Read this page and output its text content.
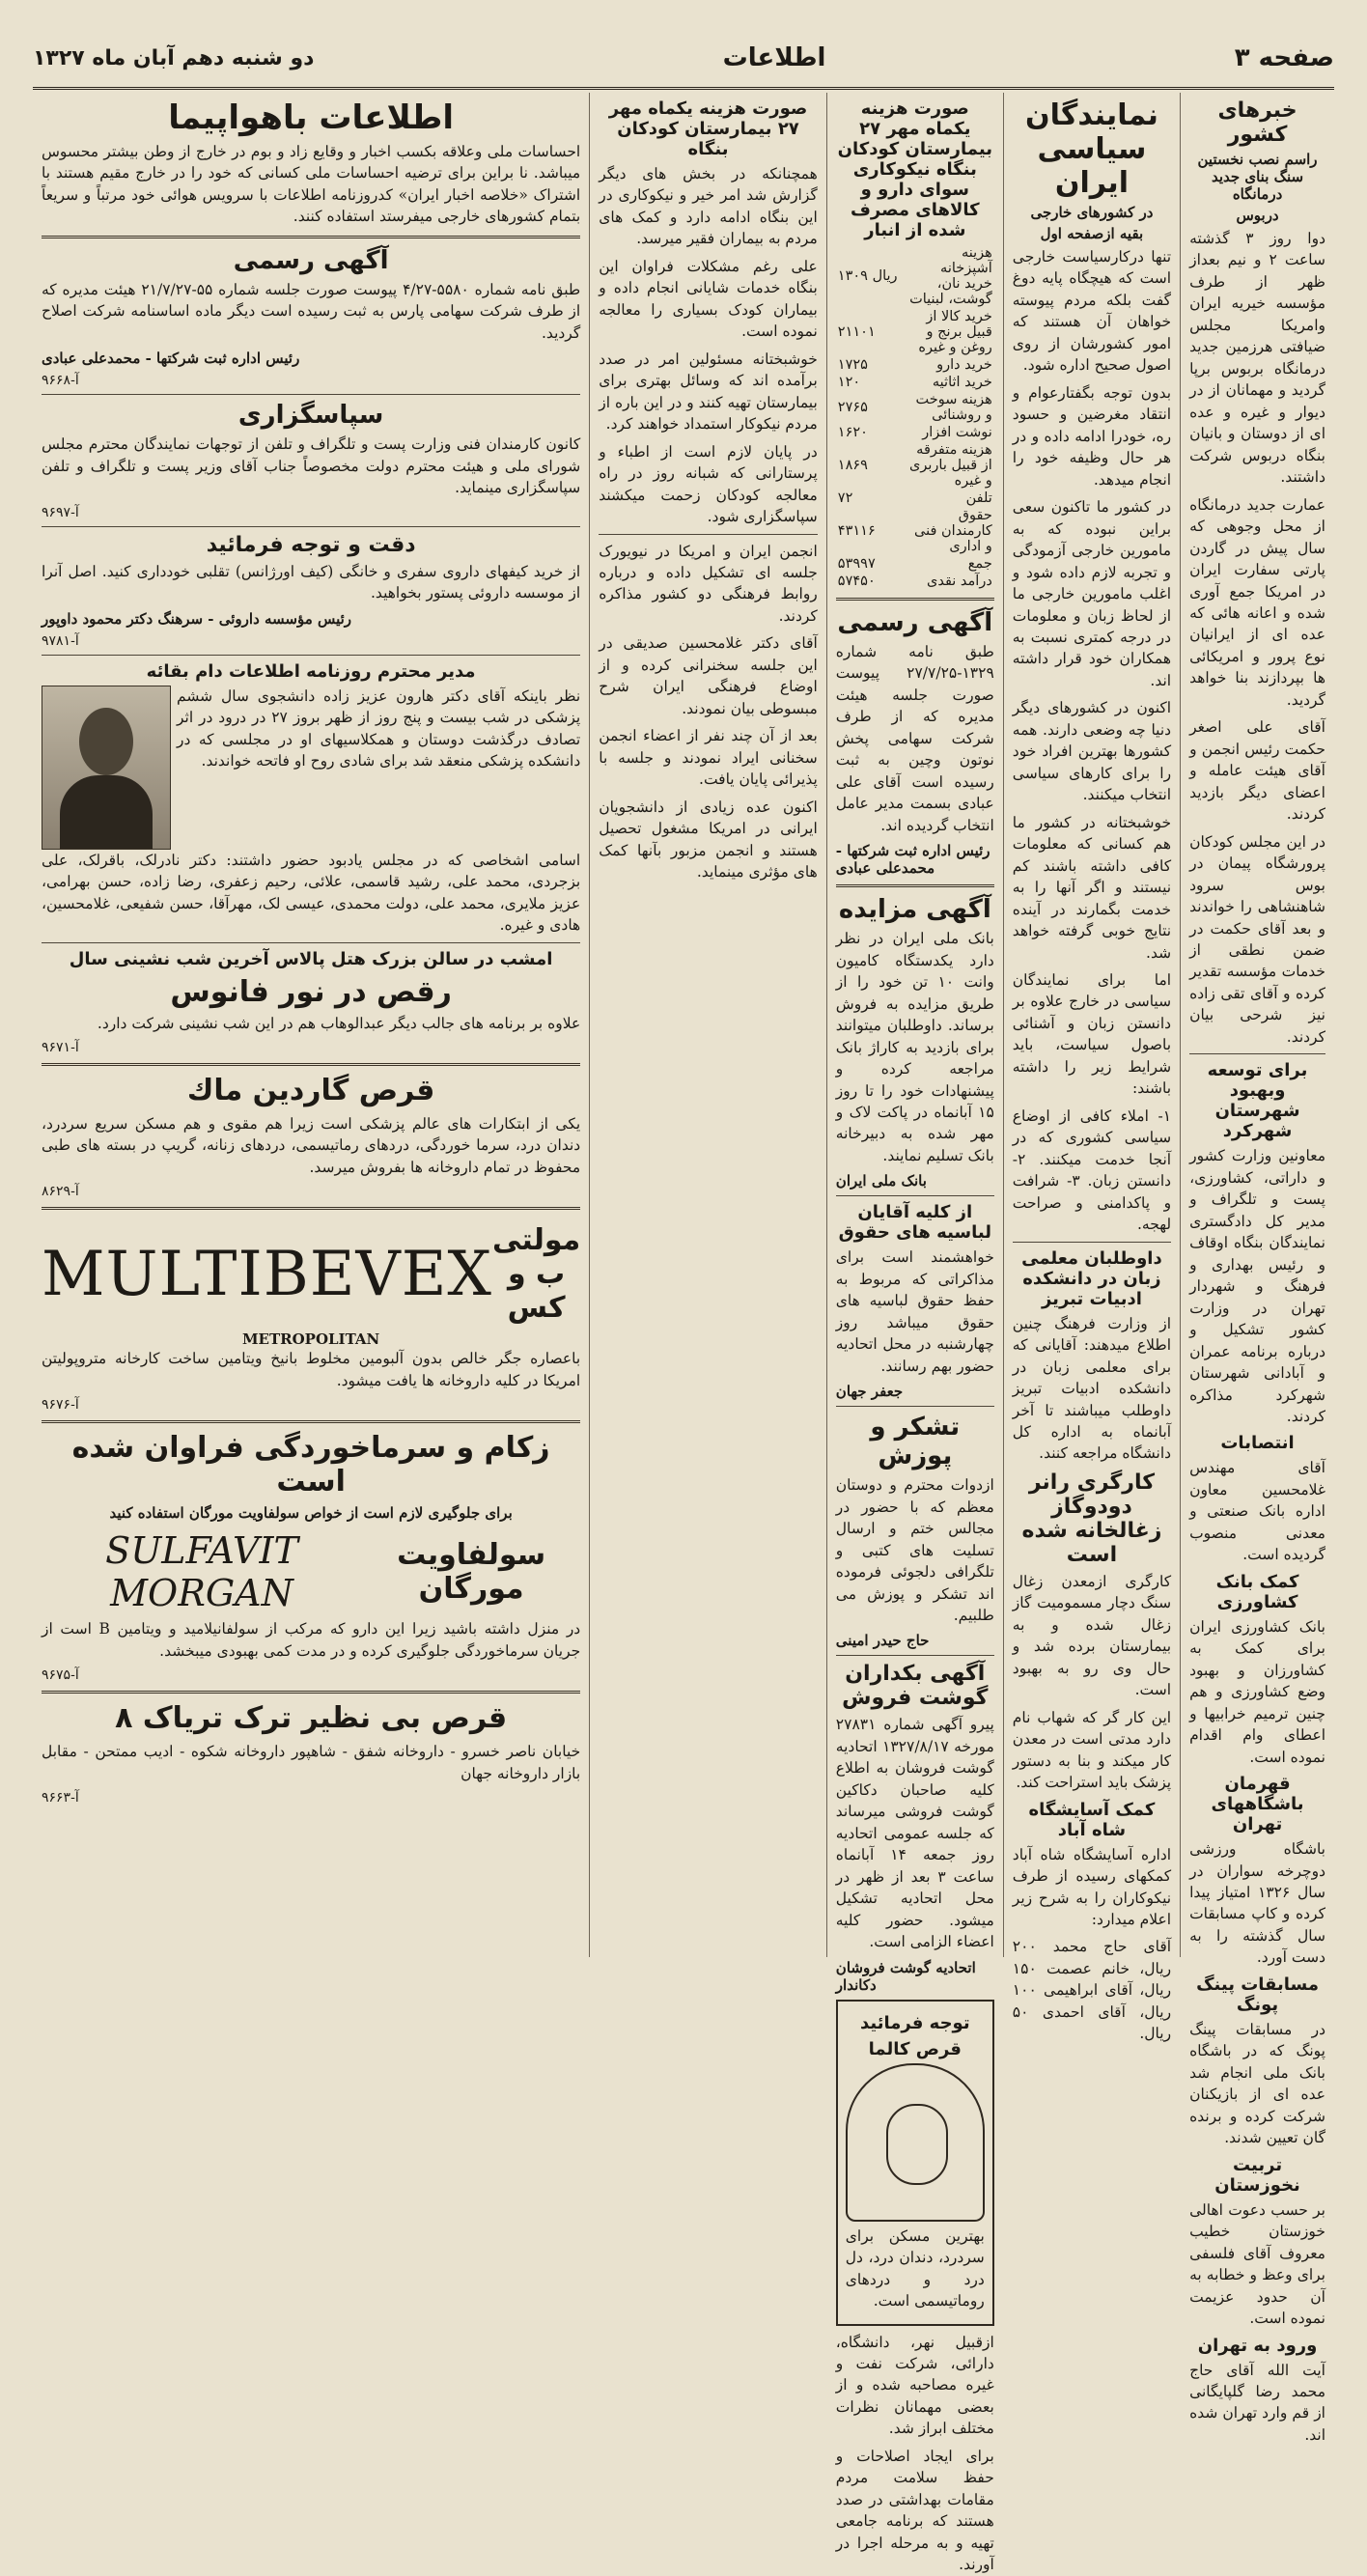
صفحه ۳
اطلاعات
دو شنبه دهم آبان ماه ۱۳۲۷
خبرهای کشور
راسم نصب نخستین سنگ بنای جدید درمانگاه
دربوس

دوا روز ۳ گذشته ساعت ۲ و نیم بعداز ظهر از طرف مؤسسه خیریه ایران وامریکا مجلس ضیافتی هرزمین جدید درمانگاه بربوس برپا گردید و مهمانان از در دیوار و غیره و عده ای از دوستان و بانیان بنگاه دربوس شرکت داشتند.

عمارت جدید درمانگاه از محل وجوهی که سال پیش در گاردن پارتی سفارت ایران در امریکا جمع آوری شده و اعانه هائی که عده ای از ایرانیان نوع پرور و امریکائی ها بپردازند بنا خواهد گردید.

آقای علی اصغر حکمت رئیس انجمن و آقای هیئت عامله و اعضای دیگر بازدید کردند.

در این مجلس کودکان پرورشگاه پیمان در بوس سرود شاهنشاهی را خواندند و بعد آقای حکمت در ضمن نطقی از خدمات مؤسسه تقدیر کرده و آقای تقی زاده نیز شرحی بیان کردند.

برای توسعه وبهبود شهرستان شهرکرد

معاونین وزارت کشور و داراتی، کشاورزی، پست و تلگراف و مدیر کل دادگستری نمایندگان بنگاه اوقاف و رئیس بهداری و فرهنگ و شهردار تهران در وزارت کشور تشکیل و درباره برنامه عمران و آبادانی شهرستان شهرکرد مذاکره کردند.

انتصابات

آقای مهندس غلامحسین معاون اداره بانک صنعتی و معدنی منصوب گردیده است.

کمک بانک کشاورزی

بانک کشاورزی ایران برای کمک به کشاورزان و بهبود وضع کشاورزی و هم چنین ترمیم خرابیها و اعطای وام اقدام نموده است.

قهرمان باشگاههای تهران

باشگاه ورزشی دوچرخه سواران در سال ۱۳۲۶ امتیاز پیدا کرده و کاپ مسابقات سال گذشته را به دست آورد.

مسابقات پینگ پونگ

در مسابقات پینگ پونگ که در باشگاه بانک ملی انجام شد عده ای از بازیکنان شرکت کرده و برنده گان تعیین شدند.

تربیت نخوزستان

بر حسب دعوت اهالی خوزستان خطیب معروف آقای فلسفی برای وعظ و خطابه به آن حدود عزیمت نموده است.

ورود به تهران

آیت الله آقای حاج محمد رضا گلپایگانی از قم وارد تهران شده اند.

نمایندگان سیاسی ایران
در کشورهای خارجی
بقیه ازصفحه اول

تنها درکارسیاست خارجی است که هیچگاه پایه دوغ گفت بلکه مردم پیوسته خواهان آن هستند که امور کشورشان از روی اصول صحیح اداره شود.

بدون توجه بگفتارعوام و انتقاد مغرضین و حسود ره، خودرا ادامه داده و در هر حال وظیفه خود را انجام میدهد.

در کشور ما تاکنون سعی براین نبوده که به مامورین خارجی آزمودگی و تجربه لازم داده شود و اغلب مامورین خارجی ما از لحاظ زبان و معلومات در درجه کمتری نسبت به همکاران خود قرار داشته اند.

اکنون در کشورهای دیگر دنیا چه وضعی دارند. همه کشورها بهترین افراد خود را برای کارهای سیاسی انتخاب میکنند.

خوشبختانه در کشور ما هم کسانی که معلومات کافی داشته باشند کم نیستند و اگر آنها را به خدمت بگمارند در آینده نتایج خوبی گرفته خواهد شد.

اما برای نمایندگان سیاسی در خارج علاوه بر دانستن زبان و آشنائی باصول سیاست، باید شرایط زیر را داشته باشند:

۱- املاء کافی از اوضاع سیاسی کشوری که در آنجا خدمت میکنند. ۲- دانستن زبان. ۳- شرافت و پاکدامنی و صراحت لهجه.

داوطلبان معلمی زبان در دانشکده ادبیات تبریز

از وزارت فرهنگ چنین اطلاع میدهند: آقایانی که برای معلمی زبان در دانشکده ادبیات تبریز داوطلب میباشند تا آخر آبانماه به اداره کل دانشگاه مراجعه کنند.

کارگری رانر دودوگاز زغالخانه شده است

کارگری ازمعدن زغال سنگ دچار مسمومیت گاز زغال شده و به بیمارستان برده شد و حال وی رو به بهبود است.

این کار گر که شهاب نام دارد مدتی است در معدن کار میکند و بنا به دستور پزشک باید استراحت کند.

کمک آسایشگاه شاه آباد

اداره آسایشگاه شاه آباد کمکهای رسیده از طرف نیکوکاران را به شرح زیر اعلام میدارد:

آقای حاج محمد ۲۰۰ ریال، خانم عصمت ۱۵۰ ریال، آقای ابراهیمی ۱۰۰ ریال، آقای احمدی ۵۰ ریال.

صورت هزینه یکماه مهر ۲۷ بیمارستان کودکان بنگاه نیکوکاری سوای دارو و کالاهای مصرف شده از انبار
هزینه آشپزخانه خرید نان، گوشت، لبنیات	۱۳۰۹ ریال
خرید کالا از قبیل برنج و روغن و غیره	۲۱۱۰۱
خرید دارو	۱۷۲۵
خرید اثاثیه	۱۲۰
هزینه سوخت و روشنائی	۲۷۶۵
نوشت افزار	۱۶۲۰
هزینه متفرقه از قبیل باربری و غیره	۱۸۶۹
تلفن	۷۲
حقوق کارمندان فنی و اداری	۴۳۱۱۶
جمع	۵۳۹۹۷
درآمد نقدی	۵۷۴۵۰
آگهی رسمی

طبق نامه شماره ۱۳۲۹-۲۷/۷/۲۵ پیوست صورت جلسه هیئت مدیره که از طرف شرکت سهامی پخش نوتون وچین به ثبت رسیده است آقای علی عبادی بسمت مدیر عامل انتخاب گردیده اند.

رئیس اداره ثبت شرکتها - محمدعلی عبادی
آگهی مزایده

بانک ملی ایران در نظر دارد یکدستگاه کامیون وانت ۱۰ تن خود را از طریق مزایده به فروش برساند. داوطلبان میتوانند برای بازدید به کاراژ بانک مراجعه کرده و پیشنهادات خود را تا روز ۱۵ آبانماه در پاکت لاک و مهر شده به دبیرخانه بانک تسلیم نمایند.

بانک ملی ایران
از کلیه آقایان لباسیه های حقوق

خواهشمند است برای مذاکراتی که مربوط به حفظ حقوق لباسیه های حقوق میباشد روز چهارشنبه در محل اتحادیه حضور بهم رسانند.

جعفر جهان
تشکر و پوزش

ازدوات محترم و دوستان معظم که با حضور در مجالس ختم و ارسال تسلیت های کتبی و تلگرافی دلجوئی فرموده اند تشکر و پوزش می طلبیم.

حاج حیدر امینی
آگهی بکداران گوشت فروش

پیرو آگهی شماره ۲۷۸۳۱ مورخه ۱۳۲۷/۸/۱۷ اتحادیه گوشت فروشان به اطلاع کلیه صاحبان دکاکین گوشت فروشی میرساند که جلسه عمومی اتحادیه روز جمعه ۱۴ آبانماه ساعت ۳ بعد از ظهر در محل اتحادیه تشکیل میشود. حضور کلیه اعضاء الزامی است.

اتحادیه گوشت فروشان دکاندار
توجه فرمائید
قرص کالما

بهترین مسکن برای سردرد، دندان درد، دل درد و دردهای روماتیسمی است.

ازقبیل نهر، دانشگاه، دارائی، شرکت نفت و غیره مصاحبه شده و از بعضی مهمانان نظرات مختلف ابراز شد.

برای ایجاد اصلاحات و حفظ سلامت مردم مقامات بهداشتی در صدد هستند که برنامه جامعی تهیه و به مرحله اجرا در آورند.

صورت هزینه یکماه مهر ۲۷ بیمارستان کودکان بنگاه

همچنانکه در بخش های دیگر گزارش شد امر خیر و نیکوکاری در این بنگاه ادامه دارد و کمک های مردم به بیماران فقیر میرسد.

علی رغم مشکلات فراوان این بنگاه خدمات شایانی انجام داده و بیماران کودک بسیاری را معالجه نموده است.

خوشبختانه مسئولین امر در صدد برآمده اند که وسائل بهتری برای بیمارستان تهیه کنند و در این باره از مردم نیکوکار استمداد خواهند کرد.

در پایان لازم است از اطباء و پرستارانی که شبانه روز در راه معالجه کودکان زحمت میکشند سپاسگزاری شود.

انجمن ایران و امریکا در نیویورک جلسه ای تشکیل داده و درباره روابط فرهنگی دو کشور مذاکره کردند.

آقای دکتر غلامحسین صدیقی در این جلسه سخنرانی کرده و از اوضاع فرهنگی ایران شرح مبسوطی بیان نمودند.

بعد از آن چند نفر از اعضاء انجمن سخنانی ایراد نمودند و جلسه با پذیرائی پایان یافت.

اکنون عده زیادی از دانشجویان ایرانی در امریکا مشغول تحصیل هستند و انجمن مزبور بآنها کمک های مؤثری مینماید.

اطلاعات باهواپیما

احساسات ملی وعلاقه بکسب اخبار و وقایع زاد و بوم در خارج از وطن بیشتر محسوس میباشد. نا براین برای ترضیه احساسات ملی کسانی که خود را در خارج مقیم هستند با اشتراک «خلاصه اخبار ایران» کدروزنامه اطلاعات با سرویس هوائی خود مرتباً و سریعاً بتمام کشورهای خارجی میفرستد استفاده کنند.

آگهی رسمی

طبق نامه شماره ۵۵۸۰-۴/۲۷ پیوست صورت جلسه شماره ۵۵-۲۱/۷/۲۷ هیئت مدیره که از طرف شرکت سهامی پارس به ثبت رسیده است دیگر ماده اساسنامه شرکت اصلاح گردید.

رئیس اداره ثبت شرکتها - محمدعلی عبادی
۹۶۶۸-آ
سپاسگزاری

کانون کارمندان فنی وزارت پست و تلگراف و تلفن از توجهات نمایندگان محترم مجلس شورای ملی و هیئت محترم دولت مخصوصاً جناب آقای وزیر پست و تلگراف و تلفن سپاسگزاری مینماید.

۹۶۹۷-آ
دقت و توجه فرمائید

از خرید کیفهای داروی سفری و خانگی (کیف اورژانس) تقلبی خودداری کنید. اصل آنرا از موسسه داروئی پستور بخواهید.

رئیس مؤسسه داروئی - سرهنگ دکتر محمود داوپور
۹۷۸۱-آ
مدیر محترم روزنامه اطلاعات دام بقائه

نظر باینکه آقای دکتر هارون عزیز زاده دانشجوی سال ششم پزشکی در شب بیست و پنج روز از ظهر بروز ۲۷ در درود در اثر تصادف درگذشت دوستان و همکلاسیهای او در مجلسی که در دانشکده پزشکی منعقد شد برای شادی روح او فاتحه خواندند.

اسامی اشخاصی که در مجلس یادبود حضور داشتند: دکتر نادرلک، باقرلک، علی بزجردی، محمد علی، رشید قاسمی، علائی، رحیم زعفری، رضا زاده، حسن بهرامی، عزیز ملایری، محمد علی، دولت محمدی، عیسی لک، مهرآقا، حسن شفیعی، غلامحسین، هادی و غیره.

امشب در سالن بزرک هتل پالاس آخرین شب نشینی سال
رقص در نور فانوس

علاوه بر برنامه های جالب دیگر عبدالوهاب هم در این شب نشینی شرکت دارد.

۹۶۷۱-آ
قرص گاردین ماك

یکی از ابتکارات های عالم پزشکی است زیرا هم مقوی و هم مسکن سریع سردرد، دندان درد، سرما خوردگی، دردهای رماتیسمی، دردهای زنانه، گریپ در بسته های طبی محفوظ در تمام داروخانه ها بفروش میرسد.

۸۶۲۹-آ
مولتی ب و کس
MULTIBEVEX
METROPOLITAN

باعصاره جگر خالص بدون آلبومین مخلوط بانیخ ویتامین ساخت کارخانه متروپولیتن امریکا در کلیه داروخانه ها یافت میشود.

۹۶۷۶-آ
زکام و سرماخوردگی فراوان شده است
برای جلوگیری لازم است از خواص سولفاویت مورگان استفاده کنید
سولفاویت مورگان
SULFAVIT MORGAN

در منزل داشته باشید زیرا این دارو که مرکب از سولفانیلامید و ویتامین B است از جریان سرماخوردگی جلوگیری کرده و در مدت کمی بهبودی میبخشد.

۹۶۷۵-آ
قرص بی نظیر ترک تریاک ۸

خیابان ناصر خسرو - داروخانه شفق - شاهپور داروخانه شکوه - ادیب ممتحن - مقابل بازار داروخانه جهان

۹۶۶۳-آ
